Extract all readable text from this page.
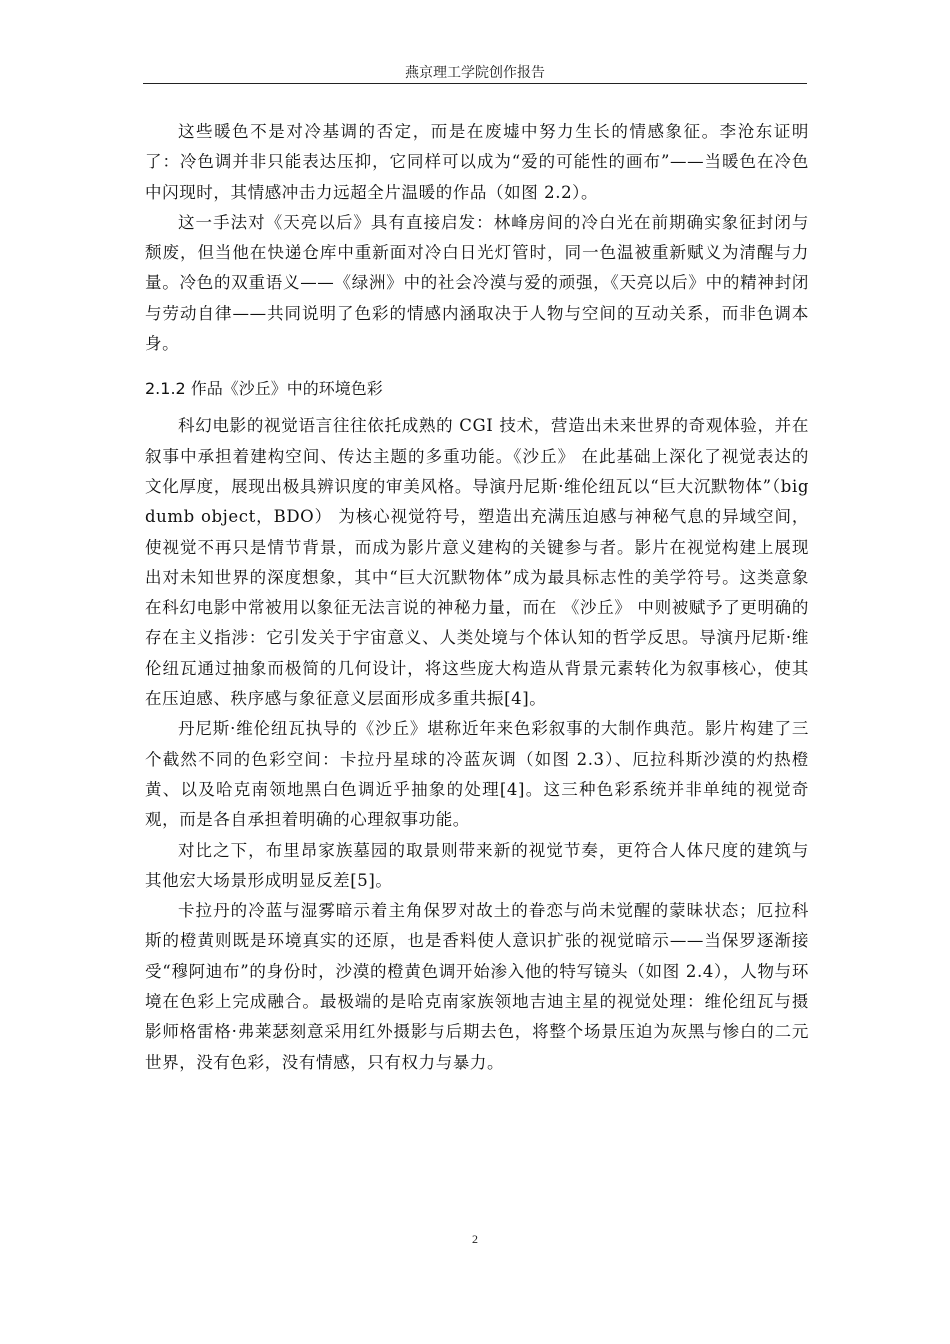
燕京理工学院创作报告

这些暖色不是对冷基调的否定，而是在废墟中努力生长的情感象征。李沧东证明了：冷色调并非只能表达压抑，它同样可以成为“爱的可能性的画布”——当暖色在冷色中闪现时，其情感冲击力远超全片温暖的作品（如图 2.2）。

这一手法对《天亮以后》具有直接启发：林峰房间的冷白光在前期确实象征封闭与颓废，但当他在快递仓库中重新面对冷白日光灯管时，同一色温被重新赋义为清醒与力量。冷色的双重语义——《绿洲》中的社会冷漠与爱的顽强，《天亮以后》中的精神封闭与劳动自律——共同说明了色彩的情感内涵取决于人物与空间的互动关系，而非色调本身。

2.1.2 作品《沙丘》中的环境色彩

科幻电影的视觉语言往往依托成熟的 CGI 技术，营造出未来世界的奇观体验，并在叙事中承担着建构空间、传达主题的多重功能。《沙丘》 在此基础上深化了视觉表达的文化厚度，展现出极具辨识度的审美风格。导演丹尼斯·维伦纽瓦以“巨大沉默物体”（big dumb object，BDO） 为核心视觉符号，塑造出充满压迫感与神秘气息的异域空间，使视觉不再只是情节背景，而成为影片意义建构的关键参与者。影片在视觉构建上展现出对未知世界的深度想象，其中“巨大沉默物体”成为最具标志性的美学符号。这类意象在科幻电影中常被用以象征无法言说的神秘力量，而在 《沙丘》 中则被赋予了更明确的存在主义指涉：它引发关于宇宙意义、人类处境与个体认知的哲学反思。导演丹尼斯·维伦纽瓦通过抽象而极简的几何设计，将这些庞大构造从背景元素转化为叙事核心，使其在压迫感、秩序感与象征意义层面形成多重共振[4]。

丹尼斯·维伦纽瓦执导的《沙丘》堪称近年来色彩叙事的大制作典范。影片构建了三个截然不同的色彩空间：卡拉丹星球的冷蓝灰调（如图 2.3）、厄拉科斯沙漠的灼热橙黄、以及哈克南领地黑白色调近乎抽象的处理[4]。这三种色彩系统并非单纯的视觉奇观，而是各自承担着明确的心理叙事功能。

对比之下，布里昂家族墓园的取景则带来新的视觉节奏，更符合人体尺度的建筑与其他宏大场景形成明显反差[5]。

卡拉丹的冷蓝与湿雾暗示着主角保罗对故土的眷恋与尚未觉醒的蒙昧状态；厄拉科斯的橙黄则既是环境真实的还原，也是香料使人意识扩张的视觉暗示——当保罗逐渐接受“穆阿迪布”的身份时，沙漠的橙黄色调开始渗入他的特写镜头（如图 2.4），人物与环境在色彩上完成融合。最极端的是哈克南家族领地吉迪主星的视觉处理：维伦纽瓦与摄影师格雷格·弗莱瑟刻意采用红外摄影与后期去色，将整个场景压迫为灰黑与惨白的二元世界，没有色彩，没有情感，只有权力与暴力。

2
